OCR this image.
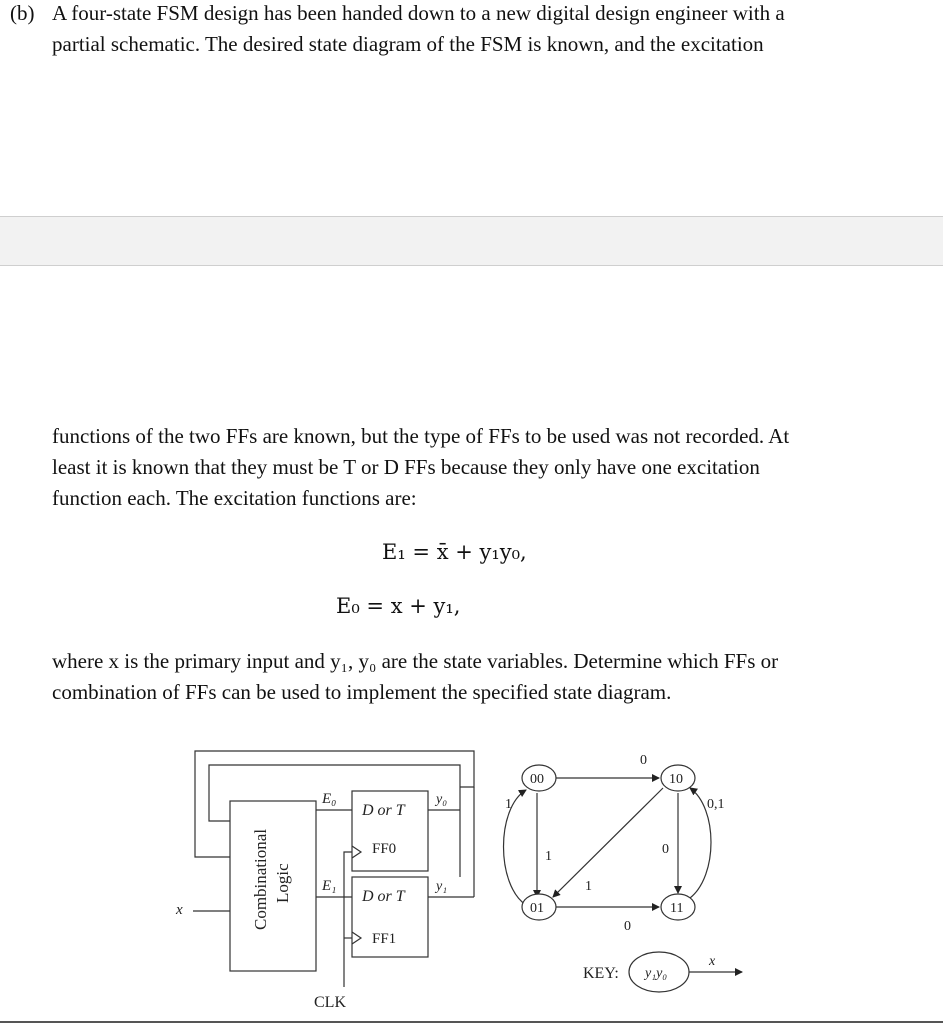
(b) A four-state FSM design has been handed down to a new digital design engineer with a
partial schematic. The desired state diagram of the FSM is known, and the excitation

functions of the two FFs are known, but the type of FFs to be used was not recorded. At
least it is known that they must be T or D FFs because they only have one excitation
function each. The excitation functions are:

E₁ = x̄ + y₁y₀,
E₀ = x + y₁,

where x is the primary input and y₁, y₀ are the state variables. Determine which FFs or
combination of FFs can be used to implement the specified state diagram.

Combinational Logic
x
E₀
E₁
D or T
FF0
D or T
FF1
y₀
y₁
CLK
00	10
01	11
0
1
1
1
0
0
0,1
KEY: y₁y₀
x
